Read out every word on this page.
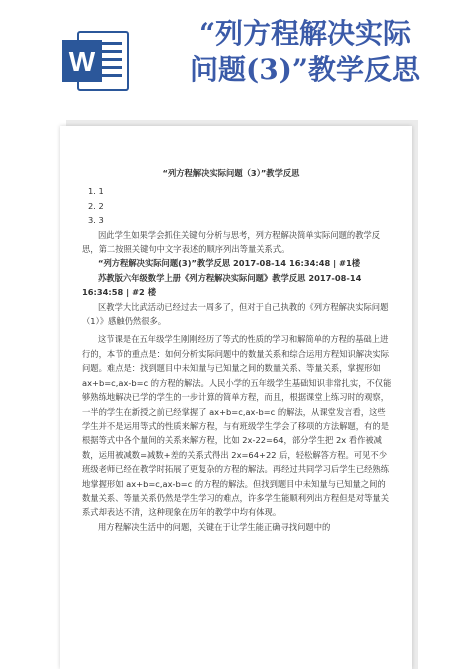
W
“列方程解决实际
问题(3)”教学反思
“列方程解决实际问题（3）”教学反思
1. 1
2. 2
3. 3

因此学生如果学会抓住关键句分析与思考，列方程解决简单实际问题的教学反思，第二按照关键句中文字表述的顺序列出等量关系式。

“列方程解决实际问题(3)”教学反思 2017-08-14 16:34:48 | #1楼

苏教版六年级数学上册《列方程解决实际问题》教学反思 2017-08-14 16:34:58 | #2 楼

区教学大比武活动已经过去一周多了，但对于自己执教的《列方程解决实际问题（1）》感触仍然很多。

这节课是在五年级学生刚刚经历了等式的性质的学习和解简单的方程的基础上进行的，本节的重点是：如何分析实际问题中的数量关系和综合运用方程知识解决实际问题。难点是：找到题目中未知量与已知量之间的数量关系、等量关系，掌握形如 ax+b=c,ax-b=c 的方程的解法。人民小学的五年级学生基础知识非常扎实，不仅能够熟练地解决已学的学生的一步计算的简单方程，而且，根据课堂上练习时的观察，一半的学生在新授之前已经掌握了 ax+b=c,ax-b=c 的解法，从课堂发言看，这些学生并不是运用等式的性质来解方程，与有班级学生学会了移项的方法解题，有的是根据等式中各个量间的关系来解方程，比如 2x-22=64，部分学生把 2x 看作被减数，运用被减数=减数+差的关系式得出 2x=64+22 后，轻松解答方程。可见不少班级老师已经在教学时拓展了更复杂的方程的解法。再经过共同学习后学生已经熟练地掌握形如 ax+b=c,ax-b=c 的方程的解法。但找到题目中未知量与已知量之间的数量关系、等量关系仍然是学生学习的难点，许多学生能顺利列出方程但是对等量关系式却表达不清，这种现象在历年的教学中均有体现。

用方程解决生活中的问题，关键在于让学生能正确寻找问题中的
